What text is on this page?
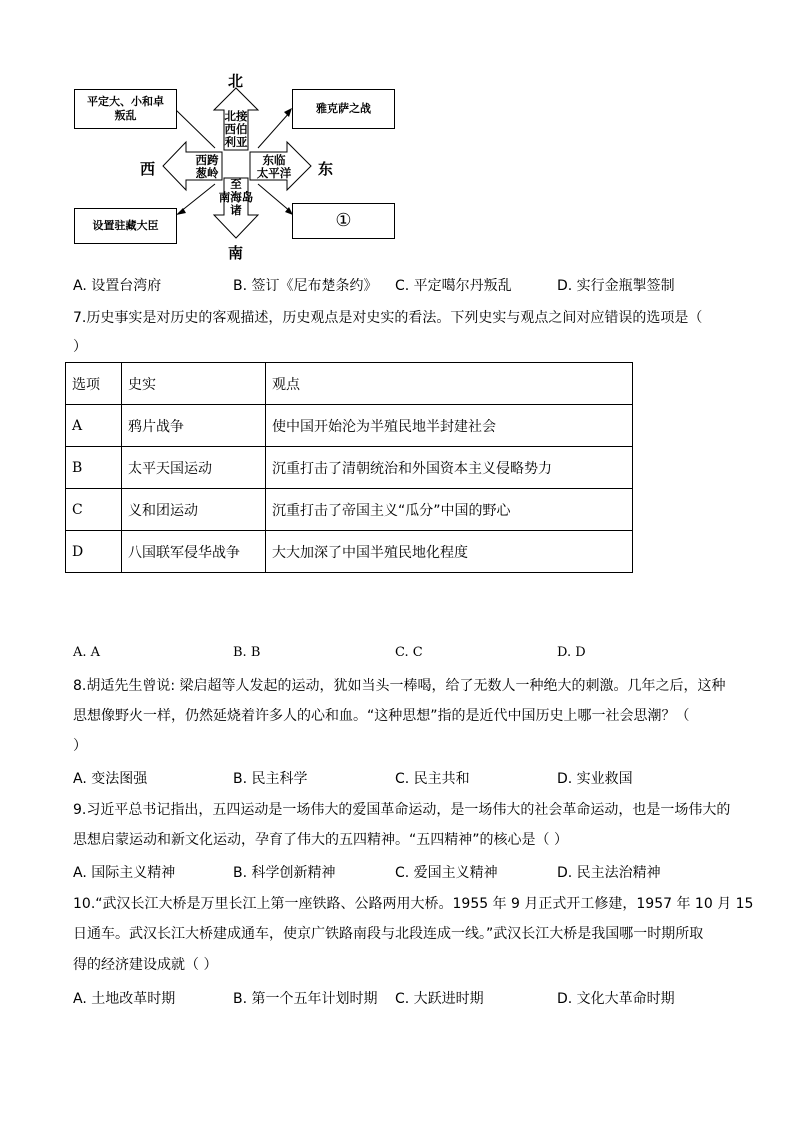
北
南
西	东
平定大、小和卓
叛乱
雅克萨之战
设置驻藏大臣	①
北接
西伯
利亚
西跨
葱岭
东临
太平洋
至
南海岛
诸
A. 设置台湾府	B. 签订《尼布楚条约》 C. 平定噶尔丹叛乱	D. 实行金瓶掣签制
7.历史事实是对历史的客观描述，历史观点是对史实的看法。下列史实与观点之间对应错误的选项是（
）
选项	史实	观点
A	鸦片战争	使中国开始沦为半殖民地半封建社会
B	太平天国运动	沉重打击了清朝统治和外国资本主义侵略势力
C	义和团运动	沉重打击了帝国主义“瓜分”中国的野心
D	八国联军侵华战争	大大加深了中国半殖民地化程度
A. A	B. B	C. C	D. D
8.胡适先生曾说: 梁启超等人发起的运动，犹如当头一棒喝，给了无数人一种绝大的刺激。几年之后，这种
思想像野火一样，仍然延烧着许多人的心和血。“这种思想”指的是近代中国历史上哪一社会思潮？（
）
A. 变法图强	B. 民主科学	C. 民主共和	D. 实业救国
9.习近平总书记指出，五四运动是一场伟大的爱国革命运动，是一场伟大的社会革命运动，也是一场伟大的
思想启蒙运动和新文化运动，孕育了伟大的五四精神。“五四精神”的核心是（ ）
A. 国际主义精神	B. 科学创新精神	C. 爱国主义精神	D. 民主法治精神
10.“武汉长江大桥是万里长江上第一座铁路、公路两用大桥。1955 年 9 月正式开工修建，1957 年 10 月 15
日通车。武汉长江大桥建成通车，使京广铁路南段与北段连成一线。”武汉长江大桥是我国哪一时期所取
得的经济建设成就（ ）
A. 土地改革时期	B. 第一个五年计划时期 C. 大跃进时期	D. 文化大革命时期
